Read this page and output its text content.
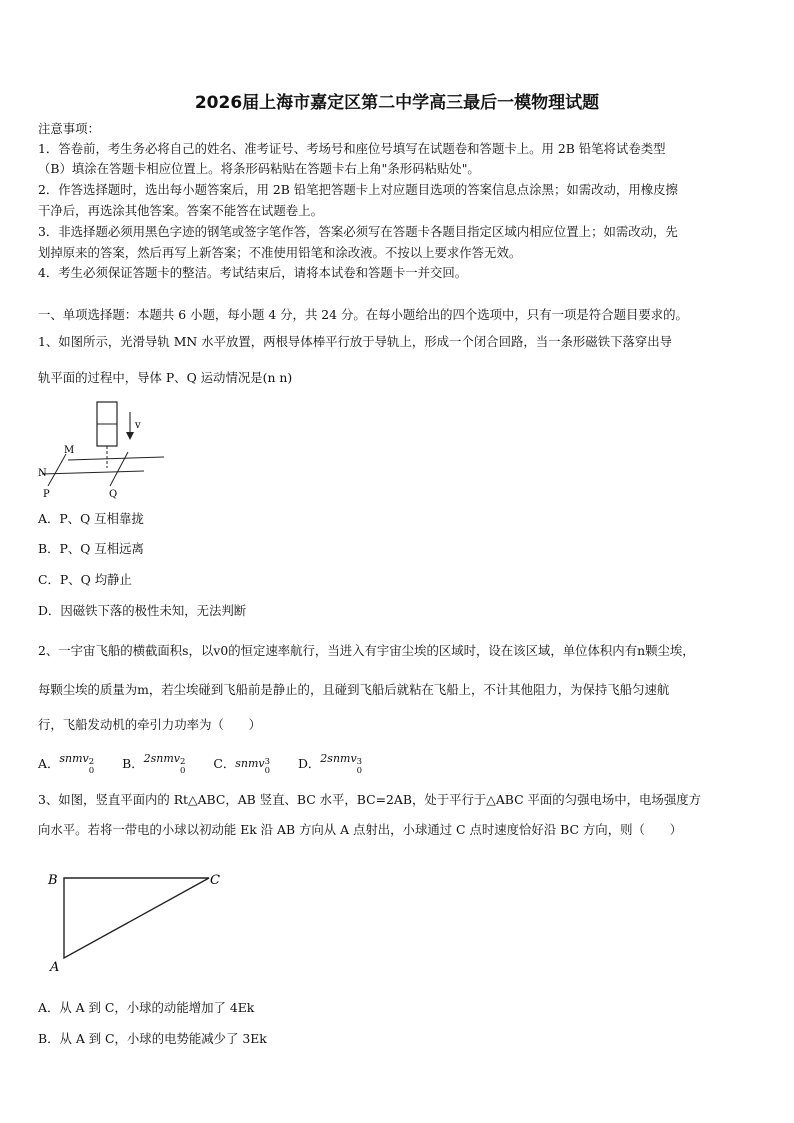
2026届上海市嘉定区第二中学高三最后一模物理试题
注意事项：
1．答卷前，考生务必将自己的姓名、准考证号、考场号和座位号填写在试题卷和答题卡上。用 2B 铅笔将试卷类型
（B）填涂在答题卡相应位置上。将条形码粘贴在答题卡右上角"条形码粘贴处"。
2．作答选择题时，选出每小题答案后，用 2B 铅笔把答题卡上对应题目选项的答案信息点涂黑；如需改动，用橡皮擦
干净后，再选涂其他答案。答案不能答在试题卷上。
3．非选择题必须用黑色字迹的钢笔或签字笔作答，答案必须写在答题卡各题目指定区域内相应位置上；如需改动，先
划掉原来的答案，然后再写上新答案；不准使用铅笔和涂改液。不按以上要求作答无效。
4．考生必须保证答题卡的整洁。考试结束后，请将本试卷和答题卡一并交回。
一、单项选择题：本题共 6 小题，每小题 4 分，共 24 分。在每小题给出的四个选项中，只有一项是符合题目要求的。
1、如图所示，光滑导轨 MN 水平放置，两根导体棒平行放于导轨上，形成一个闭合回路，当一条形磁铁下落穿出导
轨平面的过程中，导体 P、Q 运动情况是(n n)
v
M
N
P	Q
A．P、Q 互相靠拢
B．P、Q 互相远离
C．P、Q 均静止
D．因磁铁下落的极性未知，无法判断
2、一宇宙飞船的横截面积s，以v0的恒定速率航行，当进入有宇宙尘埃的区域时，设在该区域，单位体积内有n颗尘埃，
每颗尘埃的质量为m，若尘埃碰到飞船前是静止的，且碰到飞船后就粘在飞船上，不计其他阻力，为保持飞船匀速航
行，飞船发动机的牵引力功率为（　　）
A．snmv 2
0 B．2snmv 2
0 C．snmv 3
0 D．2snmv 3
0
3、如图，竖直平面内的 Rt△ABC，AB 竖直、BC 水平，BC=2AB，处于平行于△ABC 平面的匀强电场中，电场强度方
向水平。若将一带电的小球以初动能 Ek 沿 AB 方向从 A 点射出，小球通过 C 点时速度恰好沿 BC 方向，则（　　）
B	C
A
A．从 A 到 C，小球的动能增加了 4Ek
B．从 A 到 C，小球的电势能减少了 3Ek
